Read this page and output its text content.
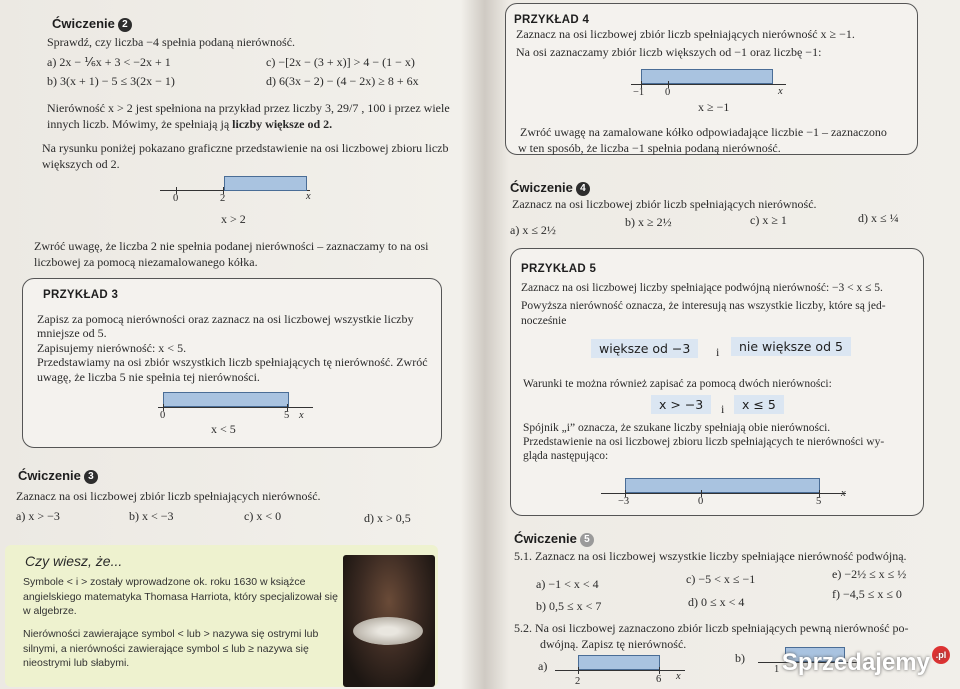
Ćwiczenie 2
Sprawdź, czy liczba −4 spełnia podaną nierówność.
a) 2x − ⅙x + 3 < −2x + 1	c) −[2x − (3 + x)] > 4 − (1 − x)
b) 3(x + 1) − 5 ≤ 3(2x − 1)	d) 6(3x − 2) − (4 − 2x) ≥ 8 + 6x
Nierówność x > 2 jest spełniona na przykład przez liczby 3, 29/7 , 100 i przez wiele innych liczb. Mówimy, że spełniają ją liczby większe od 2.
Na rysunku poniżej pokazano graficzne przedstawienie na osi liczbowej zbioru liczb większych od 2.
0	2	x
x > 2
Zwróć uwagę, że liczba 2 nie spełnia podanej nierówności – zaznaczamy to na osi liczbowej za pomocą niezamalowanego kółka.
PRZYKŁAD 3
Zapisz za pomocą nierówności oraz zaznacz na osi liczbowej wszystkie liczby
mniejsze od 5.
Zapisujemy nierówność: x < 5.
Przedstawiamy na osi zbiór wszystkich liczb spełniających tę nierówność. Zwróć
uwagę, że liczba 5 nie spełnia tej nierówności.
0	5 x
x < 5
Ćwiczenie 3
Zaznacz na osi liczbowej zbiór liczb spełniających nierówność.
a) x > −3	b) x < −3	c) x < 0	d) x > 0,5
Czy wiesz, że...
Symbole < i > zostały wprowadzone ok. roku 1630 w książce angielskiego matematyka Thomasa Harriota, który specjalizował się w algebrze.
Nierówności zawierające symbol < lub > nazywa się ostrymi lub silnymi, a nierówności zawierające symbol ≤ lub ≥ nazywa się nieostrymi lub słabymi.
PRZYKŁAD 4
Zaznacz na osi liczbowej zbiór liczb spełniających nierówność x ≥ −1.
Na osi zaznaczamy zbiór liczb większych od −1 oraz liczbę −1:
−1 0	x
x ≥ −1
Zwróć uwagę na zamalowane kółko odpowiadające liczbie −1 – zaznaczono
w ten sposób, że liczba −1 spełnia podaną nierówność.
Ćwiczenie 4
Zaznacz na osi liczbowej zbiór liczb spełniających nierówność.
a) x ≤ 2½
b) x ≥ 2½	c) x ≥ 1	d) x ≤ ¼
PRZYKŁAD 5
Zaznacz na osi liczbowej liczby spełniające podwójną nierówność: −3 < x ≤ 5.
Powyższa nierówność oznacza, że interesują nas wszystkie liczby, które są jed-
nocześnie
większe od −3	i	nie większe od 5
Warunki te można również zapisać za pomocą dwóch nierówności:
x > −3	i	x ≤ 5
Spójnik „i” oznacza, że szukane liczby spełniają obie nierówności.
Przedstawienie na osi liczbowej zbioru liczb spełniających te nierówności wy-
gląda następująco:
−3	0	5
x
Ćwiczenie 5
5.1. Zaznacz na osi liczbowej wszystkie liczby spełniające nierówność podwójną.
a) −1 < x < 4	c) −5 < x ≤ −1	e) −2½ ≤ x ≤ ½
b) 0,5 ≤ x < 7	d) 0 ≤ x < 4
f) −4,5 ≤ x ≤ 0
5.2. Na osi liczbowej zaznaczono zbiór liczb spełniających pewną nierówność po-
dwójną. Zapisz tę nierówność.
a)
2	6 x
b)
1 Sprzedajemy .pl
